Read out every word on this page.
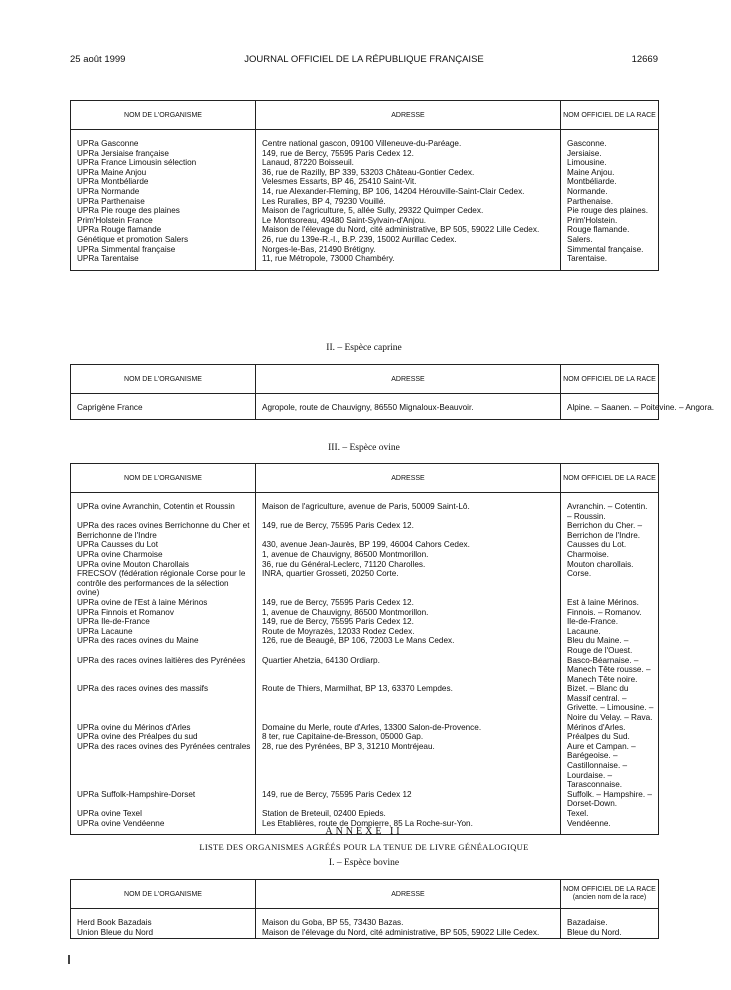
25 août 1999	JOURNAL OFFICIEL DE LA RÉPUBLIQUE FRANÇAISE	12669
NOM DE L'ORGANISME	ADRESSE	NOM OFFICIEL DE LA RACE

UPRa Gasconne	Centre national gascon, 09100 Villeneuve-du-Paréage.	Gasconne.
UPRa Jersiaise française	149, rue de Bercy, 75595 Paris Cedex 12.	Jersiaise.
UPRa France Limousin sélection	Lanaud, 87220 Boisseuil.	Limousine.
UPRa Maine Anjou	36, rue de Razilly, BP 339, 53203 Château-Gontier Cedex.	Maine Anjou.
UPRa Montbéliarde	Velesmes Essarts, BP 46, 25410 Saint-Vit.	Montbéliarde.
UPRa Normande	14, rue Alexander-Fleming, BP 106, 14204 Hérouville-Saint-Clair Cedex.	Normande.
UPRa Parthenaise	Les Ruralies, BP 4, 79230 Vouillé.	Parthenaise.
UPRa Pie rouge des plaines	Maison de l'agriculture, 5, allée Sully, 29322 Quimper Cedex.	Pie rouge des plaines.
Prim'Holstein France	Le Montsoreau, 49480 Saint-Sylvain-d'Anjou.	Prim'Holstein.
UPRa Rouge flamande	Maison de l'élevage du Nord, cité administrative, BP 505, 59022 Lille Cedex.	Rouge flamande.
Génétique et promotion Salers	26, rue du 139e-R.-I., B.P. 239, 15002 Aurillac Cedex.	Salers.
UPRa Simmental française	Norges-le-Bas, 21490 Brétigny.	Simmental française.
UPRa Tarentaise	11, rue Métropole, 73000 Chambéry.	Tarentaise.

II. – Espèce caprine
NOM DE L'ORGANISME	ADRESSE	NOM OFFICIEL DE LA RACE

Caprigène France	Agropole, route de Chauvigny, 86550 Mignaloux-Beauvoir.	Alpine. – Saanen. – Poitevine. – Angora.

III. – Espèce ovine
NOM DE L'ORGANISME	ADRESSE	NOM OFFICIEL DE LA RACE

UPRa ovine Avranchin, Cotentin et Roussin	Maison de l'agriculture, avenue de Paris, 50009 Saint-Lô.	Avranchin. – Cotentin. – Roussin.
UPRa des races ovines Berrichonne du Cher et Berrichonne de l'Indre	149, rue de Bercy, 75595 Paris Cedex 12.	Berrichon du Cher. – Berrichon de l'Indre.
UPRa Causses du Lot	430, avenue Jean-Jaurès, BP 199, 46004 Cahors Cedex.	Causses du Lot.
UPRa ovine Charmoise	1, avenue de Chauvigny, 86500 Montmorillon.	Charmoise.
UPRa ovine Mouton Charollais	36, rue du Général-Leclerc, 71120 Charolles.	Mouton charollais.
FRECSOV (fédération régionale Corse pour le contrôle des performances de la sélection ovine)	INRA, quartier Grosseti, 20250 Corte.	Corse.
UPRa ovine de l'Est à laine Mérinos	149, rue de Bercy, 75595 Paris Cedex 12.	Est à laine Mérinos.
UPRa Finnois et Romanov	1, avenue de Chauvigny, 86500 Montmorillon.	Finnois. – Romanov.
UPRa Ile-de-France	149, rue de Bercy, 75595 Paris Cedex 12.	Ile-de-France.
UPRa Lacaune	Route de Moyrazès, 12033 Rodez Cedex.	Lacaune.
UPRa des races ovines du Maine	126, rue de Beaugé, BP 106, 72003 Le Mans Cedex.	Bleu du Maine. – Rouge de l'Ouest.
UPRa des races ovines laitières des Pyrénées	Quartier Ahetzia, 64130 Ordiarp.	Basco-Béarnaise. – Manech Tête rousse. – Manech Tête noire.
UPRa des races ovines des massifs	Route de Thiers, Marmilhat, BP 13, 63370 Lempdes.	Bizet. – Blanc du Massif central. – Grivette. – Limousine. – Noire du Velay. – Rava.
UPRa ovine du Mérinos d'Arles	Domaine du Merle, route d'Arles, 13300 Salon-de-Provence.	Mérinos d'Arles.
UPRa ovine des Préalpes du sud	8 ter, rue Capitaine-de-Bresson, 05000 Gap.	Préalpes du Sud.
UPRa des races ovines des Pyrénées centrales	28, rue des Pyrénées, BP 3, 31210 Montréjeau.	Aure et Campan. – Barégeoise. – Castillonnaise. – Lourdaise. – Tarasconnaise.
UPRa Suffolk-Hampshire-Dorset	149, rue de Bercy, 75595 Paris Cedex 12	Suffolk. – Hampshire. – Dorset-Down.
UPRa ovine Texel	Station de Breteuil, 02400 Epieds.	Texel.
UPRa ovine Vendéenne	Les Etablières, route de Dompierre, 85 La Roche-sur-Yon.	Vendéenne.

ANNEXE II
LISTE DES ORGANISMES AGRÉÉS POUR LA TENUE DE LIVRE GÉNÉALOGIQUE
I. – Espèce bovine
NOM DE L'ORGANISME	ADRESSE	NOM OFFICIEL DE LA RACE
(ancien nom de la race)

Herd Book Bazadais	Maison du Goba, BP 55, 73430 Bazas.	Bazadaise.
Union Bleue du Nord	Maison de l'élevage du Nord, cité administrative, BP 505, 59022 Lille Cedex.	Bleue du Nord.
